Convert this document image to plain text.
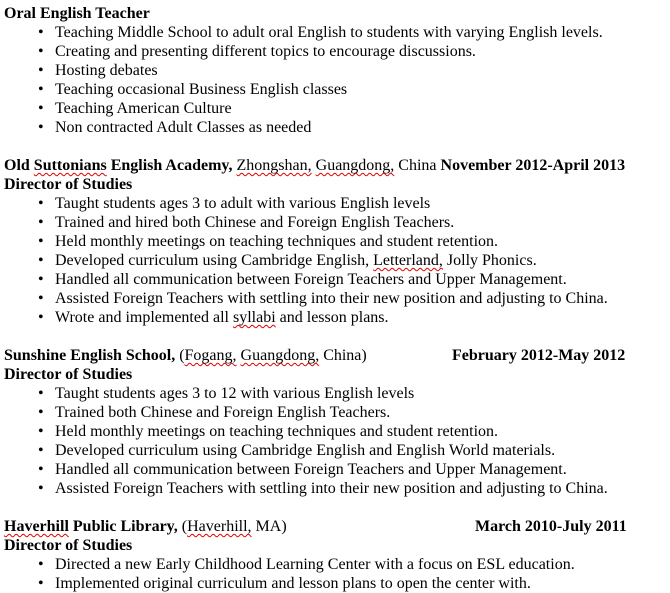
Oral English Teacher
• Teaching Middle School to adult oral English to students with varying English levels.
• Creating and presenting different topics to encourage discussions.
• Hosting debates
• Teaching occasional Business English classes
• Teaching American Culture
• Non contracted Adult Classes as needed
Old Suttonians English Academy, Zhongshan, Guangdong, China November 2012-April 2013
Director of Studies
• Taught students ages 3 to adult with various English levels
• Trained and hired both Chinese and Foreign English Teachers.
• Held monthly meetings on teaching techniques and student retention.
• Developed curriculum using Cambridge English, Letterland, Jolly Phonics.
• Handled all communication between Foreign Teachers and Upper Management.
• Assisted Foreign Teachers with settling into their new position and adjusting to China.
• Wrote and implemented all syllabi and lesson plans.
Sunshine English School, (Fogang, Guangdong, China)	February 2012-May 2012
Director of Studies
• Taught students ages 3 to 12 with various English levels
• Trained both Chinese and Foreign English Teachers.
• Held monthly meetings on teaching techniques and student retention.
• Developed curriculum using Cambridge English and English World materials.
• Handled all communication between Foreign Teachers and Upper Management.
• Assisted Foreign Teachers with settling into their new position and adjusting to China.
Haverhill Public Library, (Haverhill, MA)	March 2010-July 2011
Director of Studies
• Directed a new Early Childhood Learning Center with a focus on ESL education.
• Implemented original curriculum and lesson plans to open the center with.
